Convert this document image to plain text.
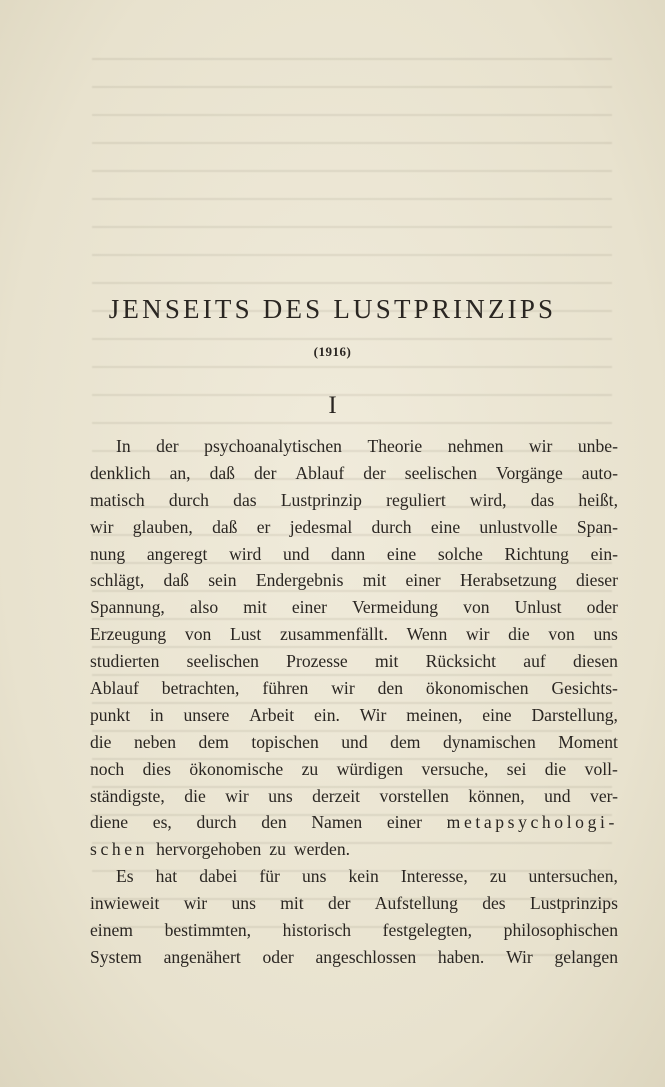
JENSEITS DES LUSTPRINZIPS
(1916)
I
In der psychoanalytischen Theorie nehmen wir unbe-
denklich an, daß der Ablauf der seelischen Vorgänge auto-
matisch durch das Lustprinzip reguliert wird, das heißt,
wir glauben, daß er jedesmal durch eine unlustvolle Span-
nung angeregt wird und dann eine solche Richtung ein-
schlägt, daß sein Endergebnis mit einer Herabsetzung dieser
Spannung, also mit einer Vermeidung von Unlust oder
Erzeugung von Lust zusammenfällt. Wenn wir die von uns
studierten seelischen Prozesse mit Rücksicht auf diesen
Ablauf betrachten, führen wir den ökonomischen Gesichts-
punkt in unsere Arbeit ein. Wir meinen, eine Darstellung,
die neben dem topischen und dem dynamischen Moment
noch dies ökonomische zu würdigen versuche, sei die voll-
ständigste, die wir uns derzeit vorstellen können, und ver-
diene es, durch den Namen einer metapsychologi-
schen hervorgehoben zu werden.
Es hat dabei für uns kein Interesse, zu untersuchen,
inwieweit wir uns mit der Aufstellung des Lustprinzips
einem bestimmten, historisch festgelegten, philosophischen
System angenähert oder angeschlossen haben. Wir gelangen
